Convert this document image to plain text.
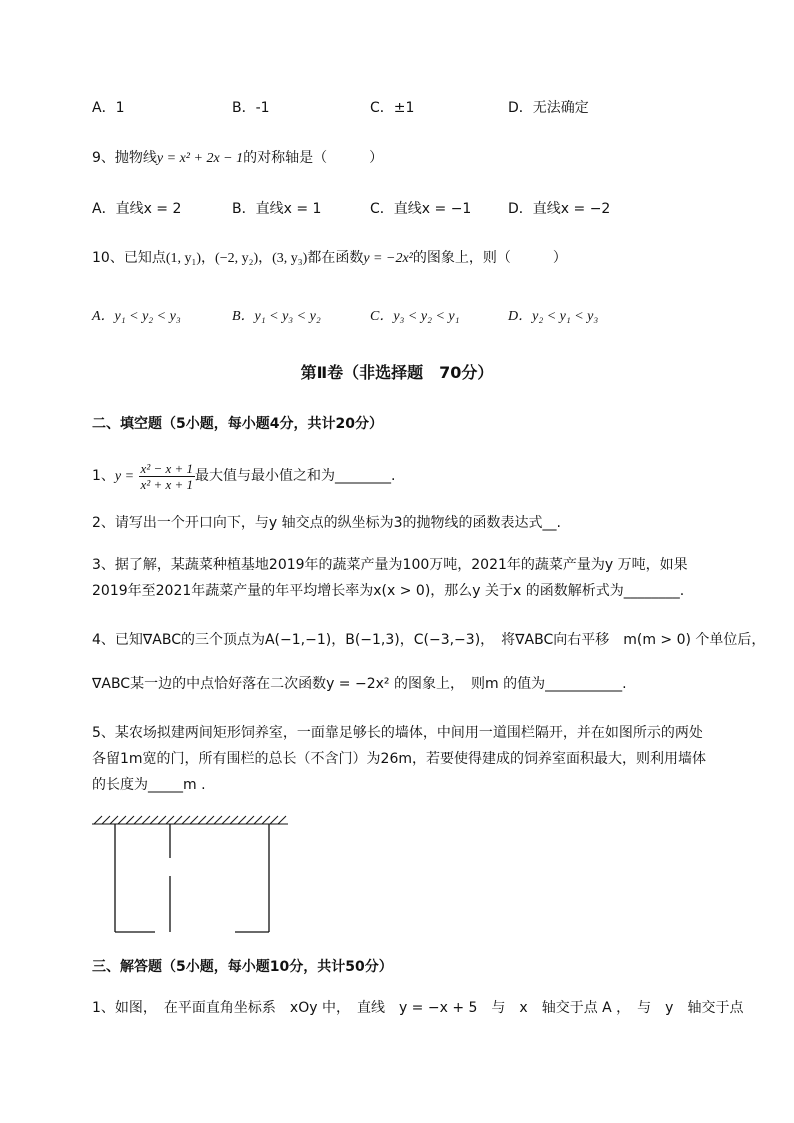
A．1	B．-1	C．±1	D．无法确定
9、抛物线y = x² + 2x − 1的对称轴是（　　　）
A．直线x = 2	B．直线x = 1	C．直线x = −1	D．直线x = −2
10、已知点(1, y₁)，(−2, y₂)，(3, y₃)都在函数y = −2x²的图象上，则（　　　）
A．y₁ < y₂ < y₃	B．y₁ < y₃ < y₂	C．y₃ < y₂ < y₁	D．y₂ < y₁ < y₃
第Ⅱ卷（非选择题　70分）
二、填空题（5小题，每小题4分，共计20分）
1、$y = \frac{\text{x² − x + 1}}{\text{x² + x + 1}}$ 最大值与最小值之和为________.
2、请写出一个开口向下，与y 轴交点的纵坐标为3的抛物线的函数表达式__.
3、据了解，某蔬菜种植基地2019年的蔬菜产量为100万吨，2021年的蔬菜产量为y 万吨，如果
2019年至2021年蔬菜产量的年平均增长率为x(x > 0)，那么y 关于x 的函数解析式为________.
4、已知∇ABC的三个顶点为A(−1,−1)，B(−1,3)，C(−3,−3)，　将∇ABC向右平移　m(m > 0) 个单位后，
∇ABC某一边的中点恰好落在二次函数y = −2x² 的图象上，　则m 的值为___________.
5、某农场拟建两间矩形饲养室，一面靠足够长的墙体，中间用一道围栏隔开，并在如图所示的两处
各留1m宽的门，所有围栏的总长（不含门）为26m，若要使得建成的饲养室面积最大，则利用墙体
的长度为_____m .
三、解答题（5小题，每小题10分，共计50分）
1、如图，　在平面直角坐标系　xOy 中，　直线　y = −x + 5　与　x　轴交于点 A ，　与　y　轴交于点
